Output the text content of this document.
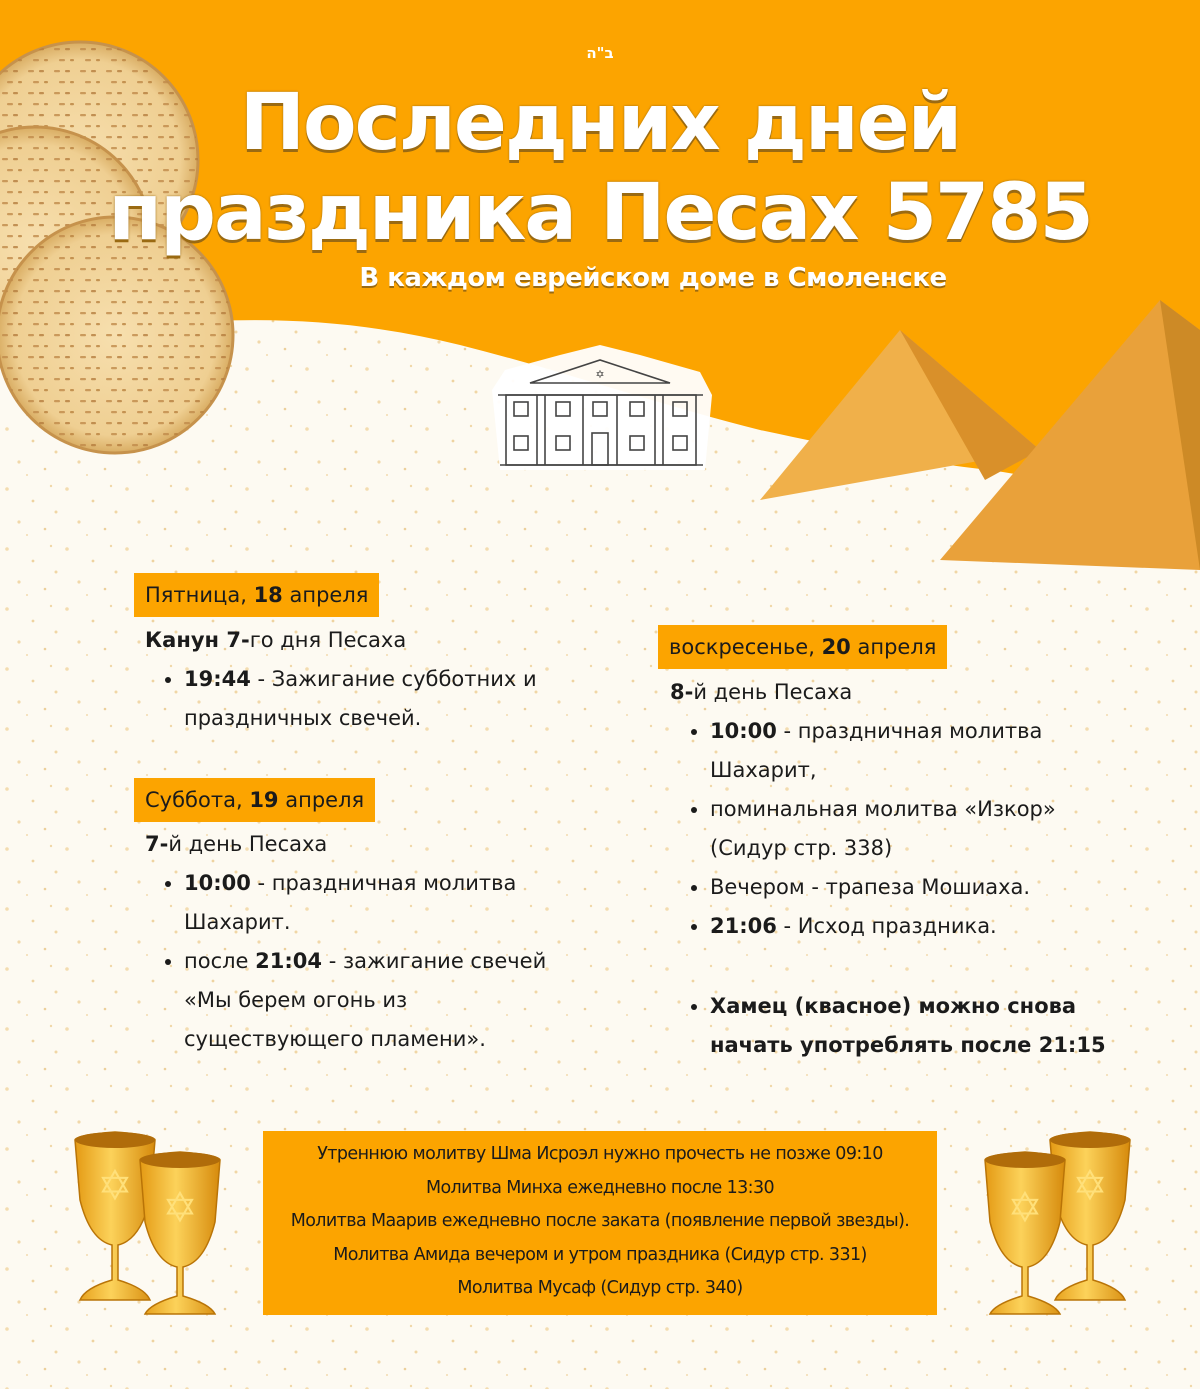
✡
✡ ✡	✡
✡
ב"ה
Последних дней
праздника Песах 5785
В каждом еврейском доме в Смоленске
Пятница, 18 апреля
Канун 7-го дня Песаха
• 19:44 - Зажигание субботних и
праздничных свечей.
Суббота, 19 апреля
7-й день Песаха
• 10:00 - праздничная молитва
Шахарит.
• после 21:04 - зажигание свечей
«Мы берем огонь из
существующего пламени».
воскресенье, 20 апреля
8-й день Песаха
• 10:00 - праздничная молитва
Шахарит,
• поминальная молитва «Изкор»
(Сидур стр. 338)
• Вечером - трапеза Мошиаха.
• 21:06 - Исход праздника.
• Хамец (квасное) можно снова
начать употреблять после 21:15
Утреннюю молитву Шма Исроэл нужно прочесть не позже 09:10
Молитва Минха ежедневно после 13:30
Молитва Маарив ежедневно после заката (появление первой звезды).
Молитва Амида вечером и утром праздника (Сидур стр. 331)
Молитва Мусаф (Сидур стр. 340)
